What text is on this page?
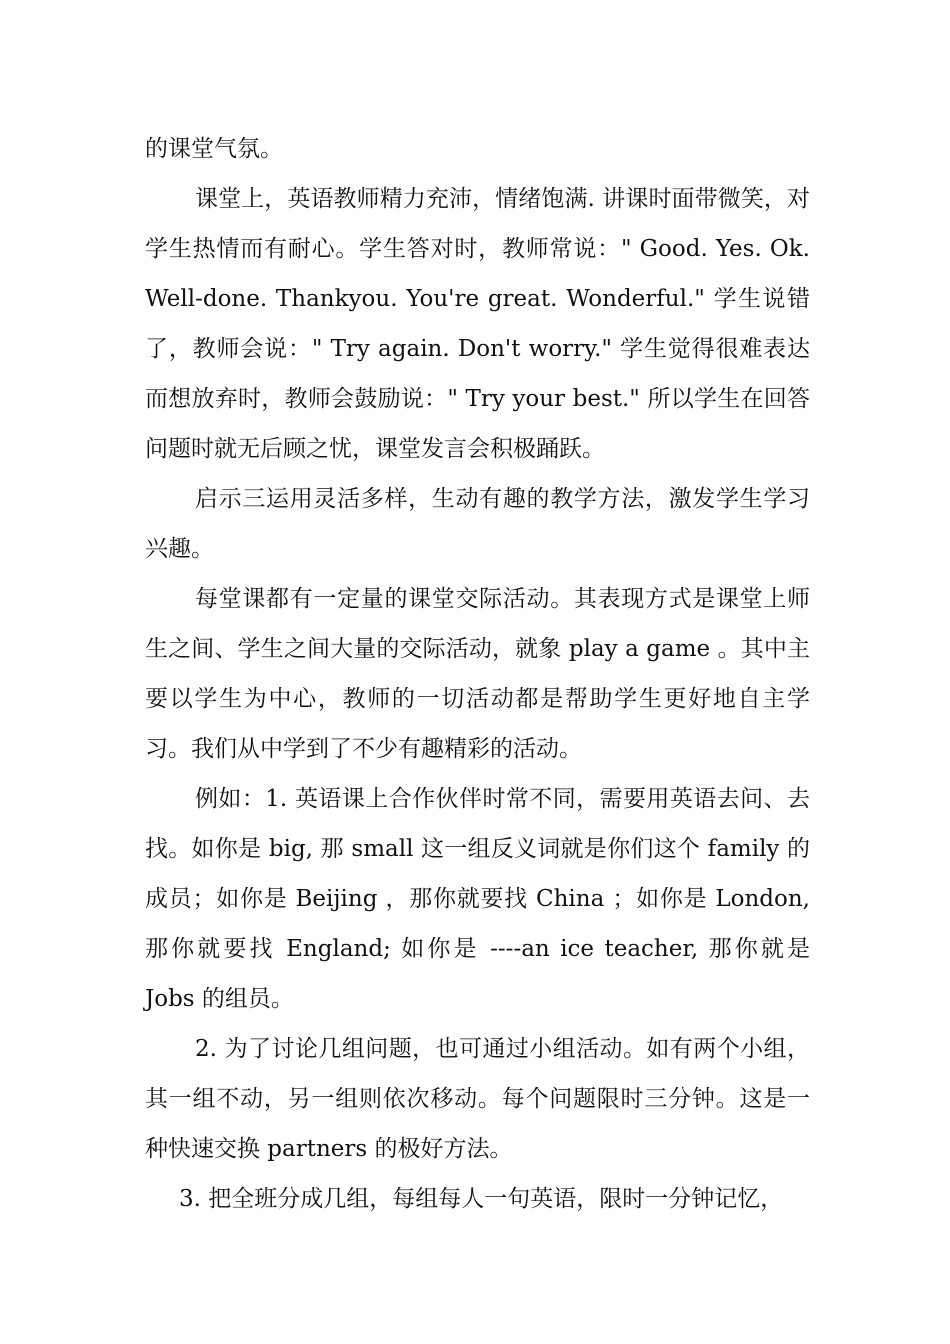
的课堂气氛。

课堂上，英语教师精力充沛，情绪饱满. 讲课时面带微笑，对学生热情而有耐心。学生答对时，教师常说：" Good. Yes. Ok. Well-done. Thankyou. You're great. Wonderful." 学生说错了，教师会说：" Try again. Don't worry." 学生觉得很难表达而想放弃时，教师会鼓励说：" Try your best." 所以学生在回答问题时就无后顾之忧，课堂发言会积极踊跃。

启示三运用灵活多样，生动有趣的教学方法，激发学生学习兴趣。

每堂课都有一定量的课堂交际活动。其表现方式是课堂上师生之间、学生之间大量的交际活动，就象 play a game 。其中主要以学生为中心，教师的一切活动都是帮助学生更好地自主学习。我们从中学到了不少有趣精彩的活动。

例如：1. 英语课上合作伙伴时常不同，需要用英语去问、去找。如你是 big, 那 small 这一组反义词就是你们这个 family 的成员；如你是 Beijing ，那你就要找 China ；如你是 London, 那你就要找 England; 如你是 ----an ice teacher, 那你就是 Jobs 的组员。

2. 为了讨论几组问题，也可通过小组活动。如有两个小组，其一组不动，另一组则依次移动。每个问题限时三分钟。这是一种快速交换 partners 的极好方法。

3. 把全班分成几组，每组每人一句英语，限时一分钟记忆，
